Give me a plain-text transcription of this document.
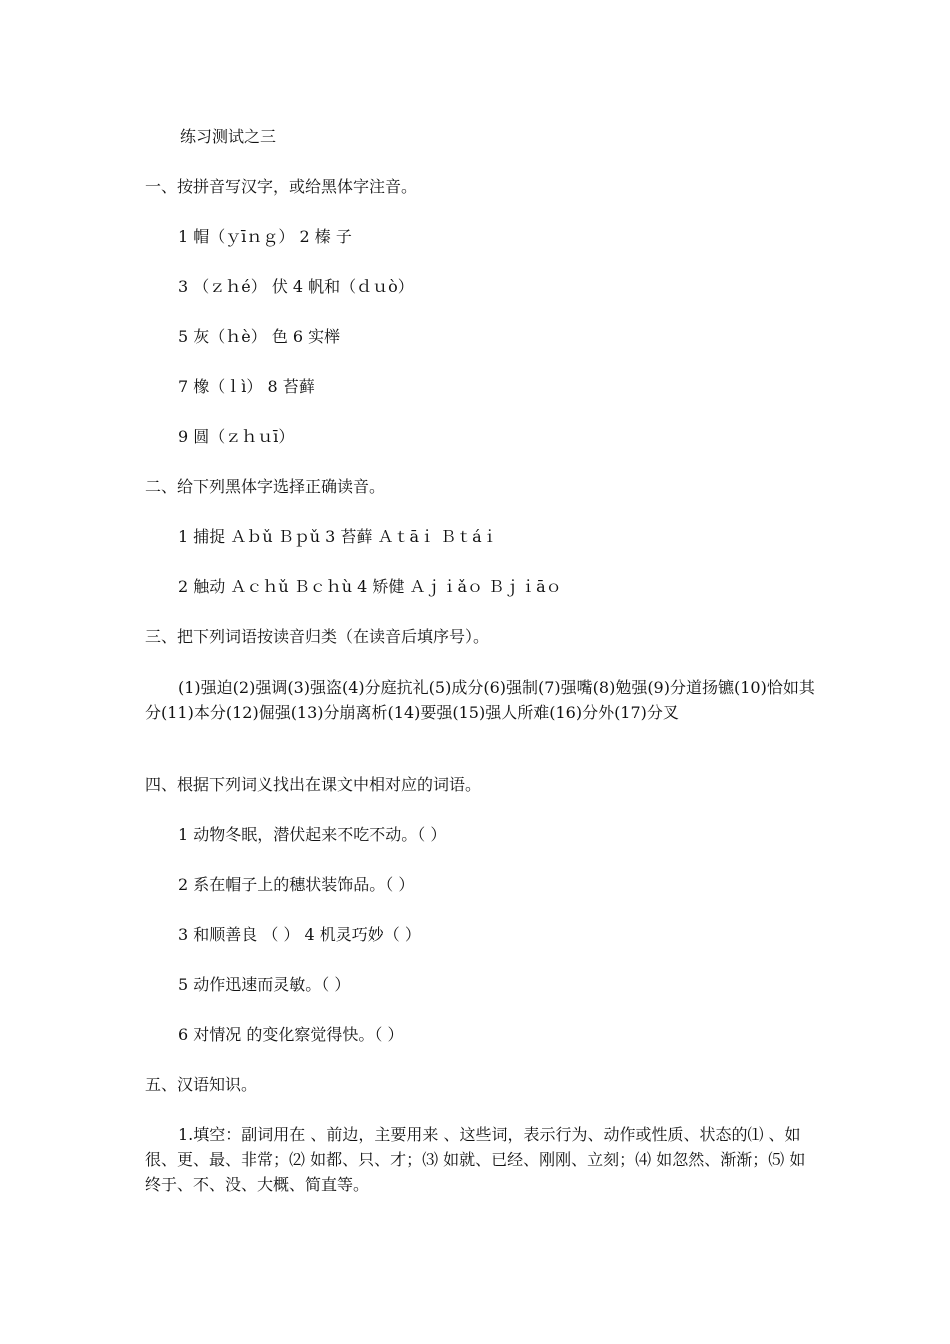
练习测试之三
一、按拼音写汉字，或给黑体字注音。
1 帽（ｙīｎｇ） 2 榛 子
3 （ｚｈé） 伏 4 帆和（ｄｕò）
5 灰（ｈè） 色 6 实榉
7 橡（ｌì） 8 苔藓
9 圆（ｚｈｕī）
二、给下列黑体字选择正确读音。
1 捕捉 Ａｂǔ Ｂｐǔ 3 苔藓 Ａｔāｉ Ｂｔáｉ
2 触动 Ａｃｈǔ Ｂｃｈù 4 矫健 Ａｊｉǎｏ Ｂｊｉāｏ
三、把下列词语按读音归类（在读音后填序号）。
(1)强迫(2)强调(3)强盗(4)分庭抗礼(5)成分(6)强制(7)强嘴(8)勉强(9)分道扬镳(10)恰如其分(11)本分(12)倔强(13)分崩离析(14)要强(15)强人所难(16)分外(17)分叉
四、根据下列词义找出在课文中相对应的词语。
1 动物冬眠，潜伏起来不吃不动。（ ）
2 系在帽子上的穗状装饰品。（ ）
3 和顺善良 （ ） 4 机灵巧妙（ ）
5 动作迅速而灵敏。（ ）
6 对情况 的变化察觉得快。（ ）
五、汉语知识。
1.填空：副词用在 、前边，主要用来 、这些词，表示行为、动作或性质、状态的⑴ 、如很、更、最、非常；⑵ 如都、只、才；⑶ 如就、已经、刚刚、立刻；⑷ 如忽然、渐渐；⑸ 如终于、不、没、大概、简直等。
